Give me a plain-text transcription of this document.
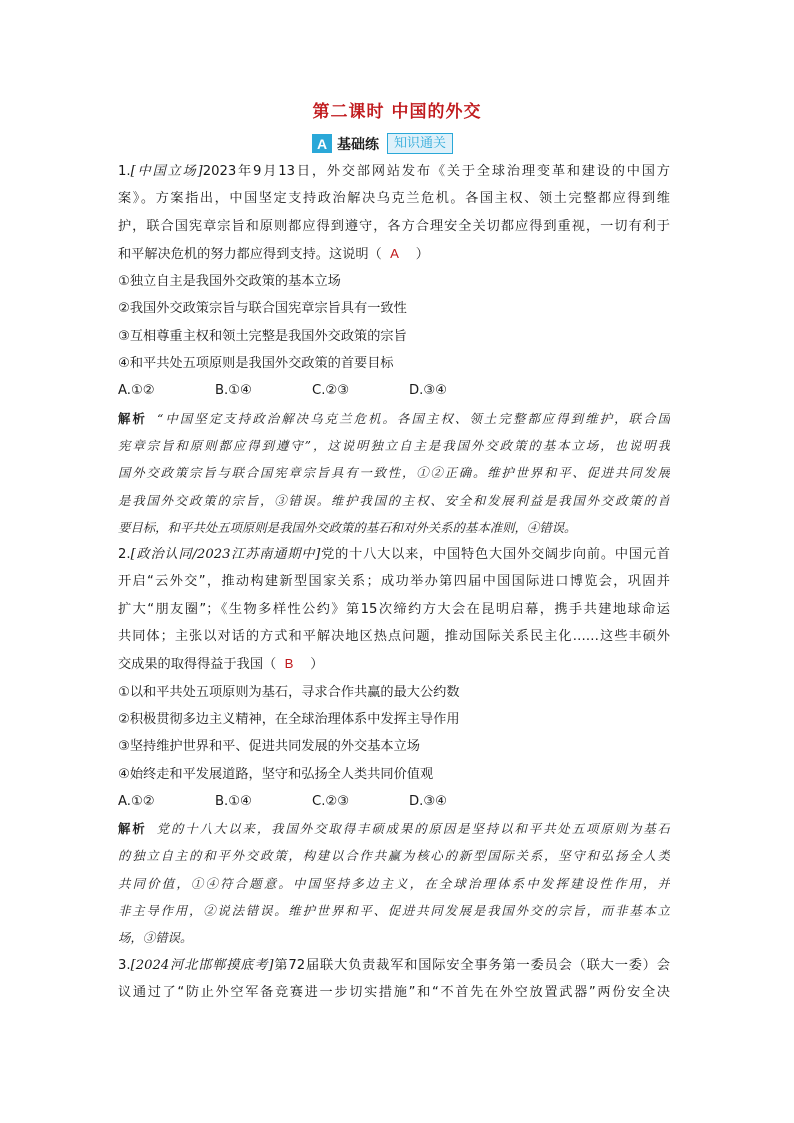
第二课时 中国的外交
A 基础练	知识通关
1.[中国立场]2023年9月13日，外交部网站发布《关于全球治理变革和建设的中国方
案》。方案指出，中国坚定支持政治解决乌克兰危机。各国主权、领土完整都应得到维
护，联合国宪章宗旨和原则都应得到遵守，各方合理安全关切都应得到重视，一切有利于
和平解决危机的努力都应得到支持。这说明（ A ）
①独立自主是我国外交政策的基本立场
②我国外交政策宗旨与联合国宪章宗旨具有一致性
③互相尊重主权和领土完整是我国外交政策的宗旨
④和平共处五项原则是我国外交政策的首要目标
A.①②	B.①④	C.②③	D.③④
解析 “中国坚定支持政治解决乌克兰危机。各国主权、领土完整都应得到维护，联合国
宪章宗旨和原则都应得到遵守”，这说明独立自主是我国外交政策的基本立场，也说明我
国外交政策宗旨与联合国宪章宗旨具有一致性，①②正确。维护世界和平、促进共同发展
是我国外交政策的宗旨，③错误。维护我国的主权、安全和发展利益是我国外交政策的首
要目标，和平共处五项原则是我国外交政策的基石和对外关系的基本准则，④错误。
2.[政治认同/2023江苏南通期中]党的十八大以来，中国特色大国外交阔步向前。中国元首
开启“云外交”，推动构建新型国家关系；成功举办第四届中国国际进口博览会，巩固并
扩大“朋友圈”；《生物多样性公约》第15次缔约方大会在昆明启幕，携手共建地球命运
共同体；主张以对话的方式和平解决地区热点问题，推动国际关系民主化……这些丰硕外
交成果的取得得益于我国（ B ）
①以和平共处五项原则为基石，寻求合作共赢的最大公约数
②积极贯彻多边主义精神，在全球治理体系中发挥主导作用
③坚持维护世界和平、促进共同发展的外交基本立场
④始终走和平发展道路，坚守和弘扬全人类共同价值观
A.①②	B.①④	C.②③	D.③④
解析 党的十八大以来，我国外交取得丰硕成果的原因是坚持以和平共处五项原则为基石
的独立自主的和平外交政策，构建以合作共赢为核心的新型国际关系，坚守和弘扬全人类
共同价值，①④符合题意。中国坚持多边主义，在全球治理体系中发挥建设性作用，并
非主导作用，②说法错误。维护世界和平、促进共同发展是我国外交的宗旨，而非基本立
场，③错误。
3.[2024河北邯郸摸底考]第72届联大负责裁军和国际安全事务第一委员会（联大一委）会
议通过了“防止外空军备竞赛进一步切实措施”和“不首先在外空放置武器”两份安全决
